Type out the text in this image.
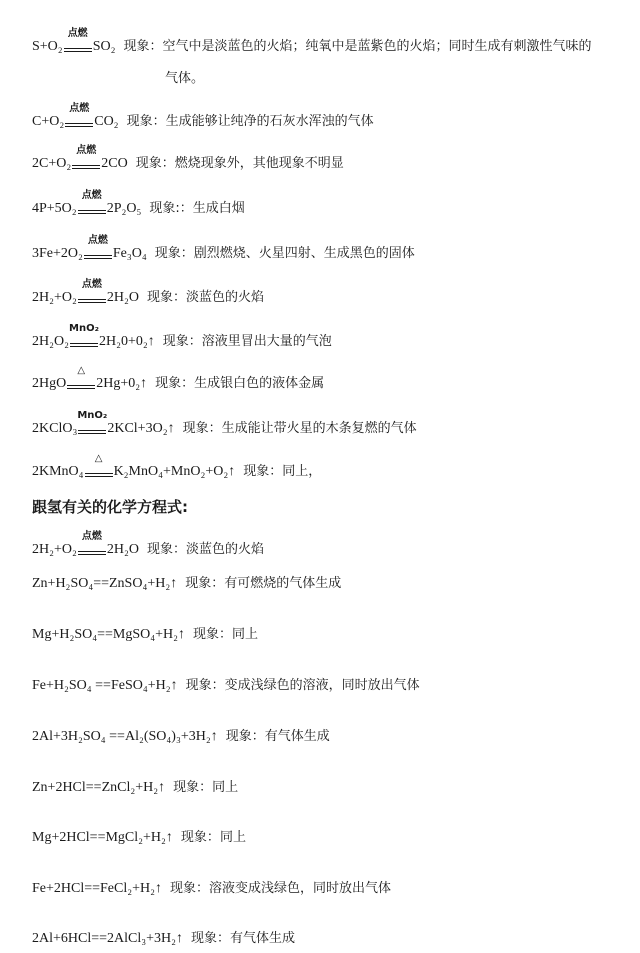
S+O₂
点燃
SO₂ 现象：空气中是淡蓝色的火焰；纯氧中是蓝紫色的火焰；同时生成有刺激性气味的
气体。
C+O₂
点燃
CO₂ 现象：生成能够让纯净的石灰水浑浊的气体
2C+O₂
点燃
2CO 现象：燃烧现象外，其他现象不明显
4P+5O₂
点燃
2P₂O₅ 现象:：生成白烟
3Fe+2O₂
点燃
Fe₃O₄ 现象：剧烈燃烧、火星四射、生成黑色的固体
2H₂+O₂
点燃
2H₂O 现象：淡蓝色的火焰
2H₂O₂
MnO₂
2H₂0+0₂↑ 现象：溶液里冒出大量的气泡
2HgO
△
2Hg+0₂↑ 现象：生成银白色的液体金属
2KClO₃
MnO₂
2KCl+3O₂↑ 现象：生成能让带火星的木条复燃的气体
2KMnO₄
△
K₂MnO₄+MnO₂+O₂↑ 现象：同上，
跟氢有关的化学方程式:
2H₂+O₂
点燃
2H₂O 现象：淡蓝色的火焰
Zn+H₂SO₄==ZnSO₄+H₂↑ 现象：有可燃烧的气体生成
Mg+H₂SO₄==MgSO₄+H₂↑ 现象：同上
Fe+H₂SO₄ ==FeSO₄+H₂↑ 现象：变成浅绿色的溶液，同时放出气体
2Al+3H₂SO₄ ==Al₂(SO₄)₃+3H₂↑ 现象：有气体生成
Zn+2HCl==ZnCl₂+H₂↑ 现象：同上
Mg+2HCl==MgCl₂+H₂↑ 现象：同上
Fe+2HCl==FeCl₂+H₂↑ 现象：溶液变成浅绿色，同时放出气体
2Al+6HCl==2AlCl₃+3H₂↑ 现象：有气体生成
